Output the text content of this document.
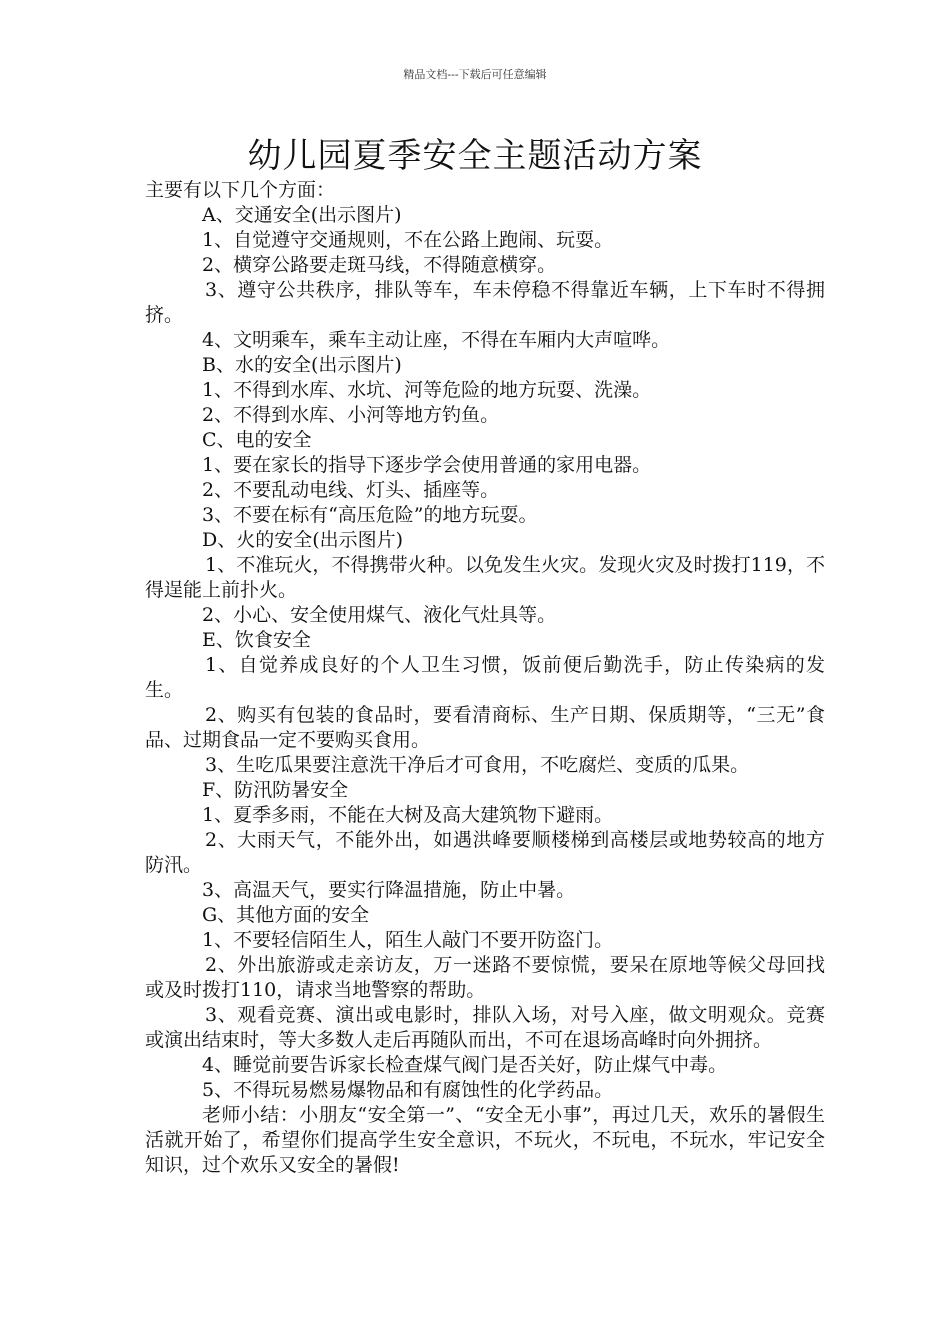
精品文档---下载后可任意编辑
幼儿园夏季安全主题活动方案

主要有以下几个方面：

A、交通安全(出示图片)

1、自觉遵守交通规则，不在公路上跑闹、玩耍。

2、横穿公路要走斑马线，不得随意横穿。

3、遵守公共秩序，排队等车，车未停稳不得靠近车辆，上下车时不得拥挤。

4、文明乘车，乘车主动让座，不得在车厢内大声喧哗。

B、水的安全(出示图片)

1、不得到水库、水坑、河等危险的地方玩耍、洗澡。

2、不得到水库、小河等地方钓鱼。

C、电的安全

1、要在家长的指导下逐步学会使用普通的家用电器。

2、不要乱动电线、灯头、插座等。

3、不要在标有“高压危险”的地方玩耍。

D、火的安全(出示图片)

1、不准玩火，不得携带火种。以免发生火灾。发现火灾及时拨打119，不得逞能上前扑火。

2、小心、安全使用煤气、液化气灶具等。

E、饮食安全

1、自觉养成良好的个人卫生习惯，饭前便后勤洗手，防止传染病的发生。

2、购买有包装的食品时，要看清商标、生产日期、保质期等，“三无”食品、过期食品一定不要购买食用。

3、生吃瓜果要注意洗干净后才可食用，不吃腐烂、变质的瓜果。

F、防汛防暑安全

1、夏季多雨，不能在大树及高大建筑物下避雨。

2、大雨天气，不能外出，如遇洪峰要顺楼梯到高楼层或地势较高的地方防汛。

3、高温天气，要实行降温措施，防止中暑。

G、其他方面的安全

1、不要轻信陌生人，陌生人敲门不要开防盗门。

2、外出旅游或走亲访友，万一迷路不要惊慌，要呆在原地等候父母回找或及时拨打110，请求当地警察的帮助。

3、观看竞赛、演出或电影时，排队入场，对号入座，做文明观众。竞赛或演出结束时，等大多数人走后再随队而出，不可在退场高峰时向外拥挤。

4、睡觉前要告诉家长检查煤气阀门是否关好，防止煤气中毒。

5、不得玩易燃易爆物品和有腐蚀性的化学药品。

老师小结：小朋友“安全第一”、“安全无小事”，再过几天，欢乐的暑假生活就开始了，希望你们提高学生安全意识，不玩火，不玩电，不玩水，牢记安全知识，过个欢乐又安全的暑假!
